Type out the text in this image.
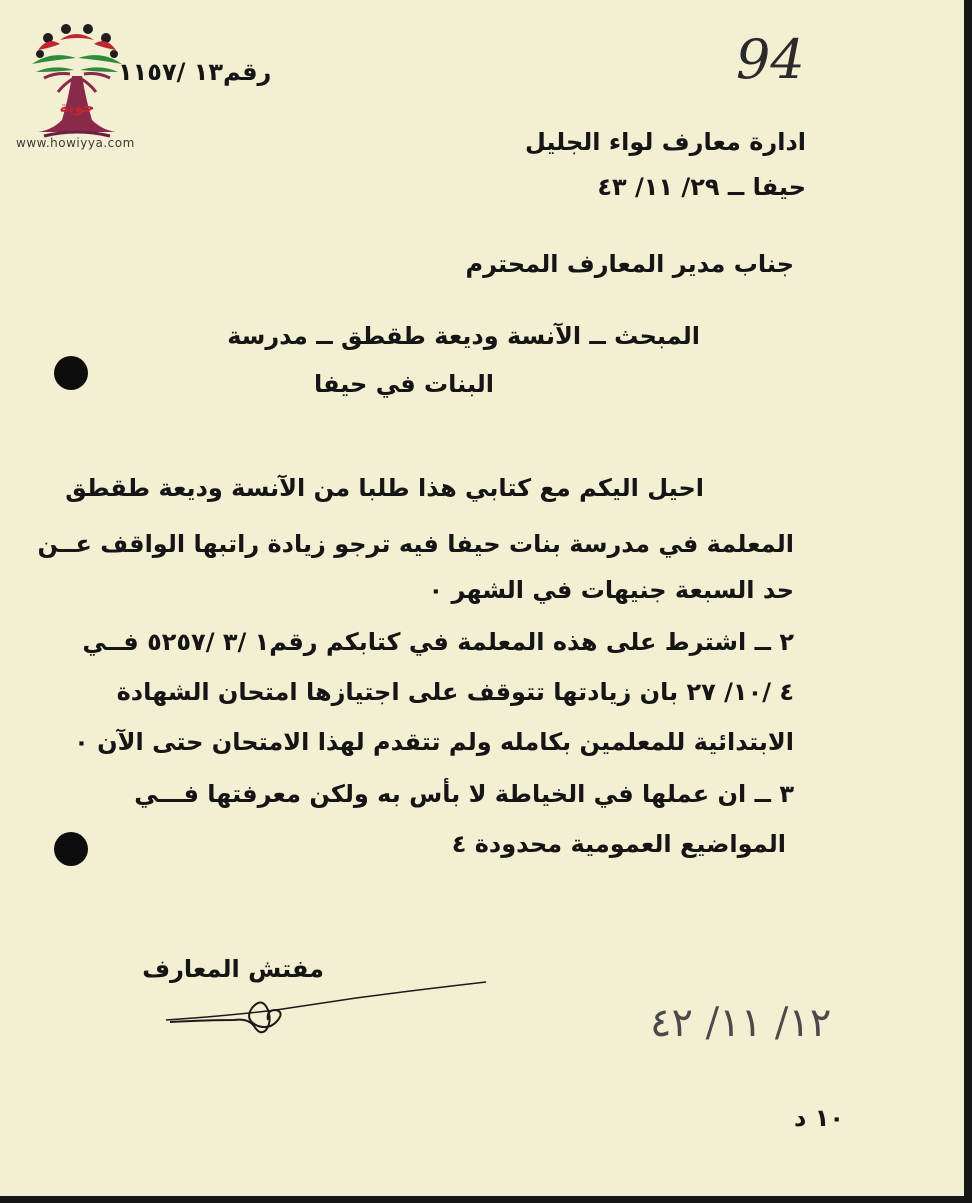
حوية
www.howiyya.com
رقم١٣ /١١٥٧	94
ادارة معارف لواء الجليل
حيفا ــ ٢٩/ ١١/ ٤٣
جناب مدير المعارف المحترم
المبحث ــ الآنسة وديعة طقطق ــ مدرسة
البنات في حيفا
احيل اليكم مع كتابي هذا طلبا من الآنسة وديعة طقطق
المعلمة في مدرسة بنات حيفا فيه ترجو زيادة راتبها الواقف عــن
حد السبعة جنيهات في الشهر ٠
٢ ــ اشترط على هذه المعلمة في كتابكم رقم١ /٣ /٥٢٥٧ فــي
٤ /١٠/ ٢٧ بان زيادتها تتوقف على اجتيازها امتحان الشهادة
الابتدائية للمعلمين بكامله ولم تتقدم لهذا الامتحان حتى الآن ٠
٣ ــ ان عملها في الخياطة لا بأس به ولكن معرفتها فـــي
المواضيع العمومية محدودة ٤
مفتش المعارف
١٢/ ١١/ ٤٢
١٠ د
